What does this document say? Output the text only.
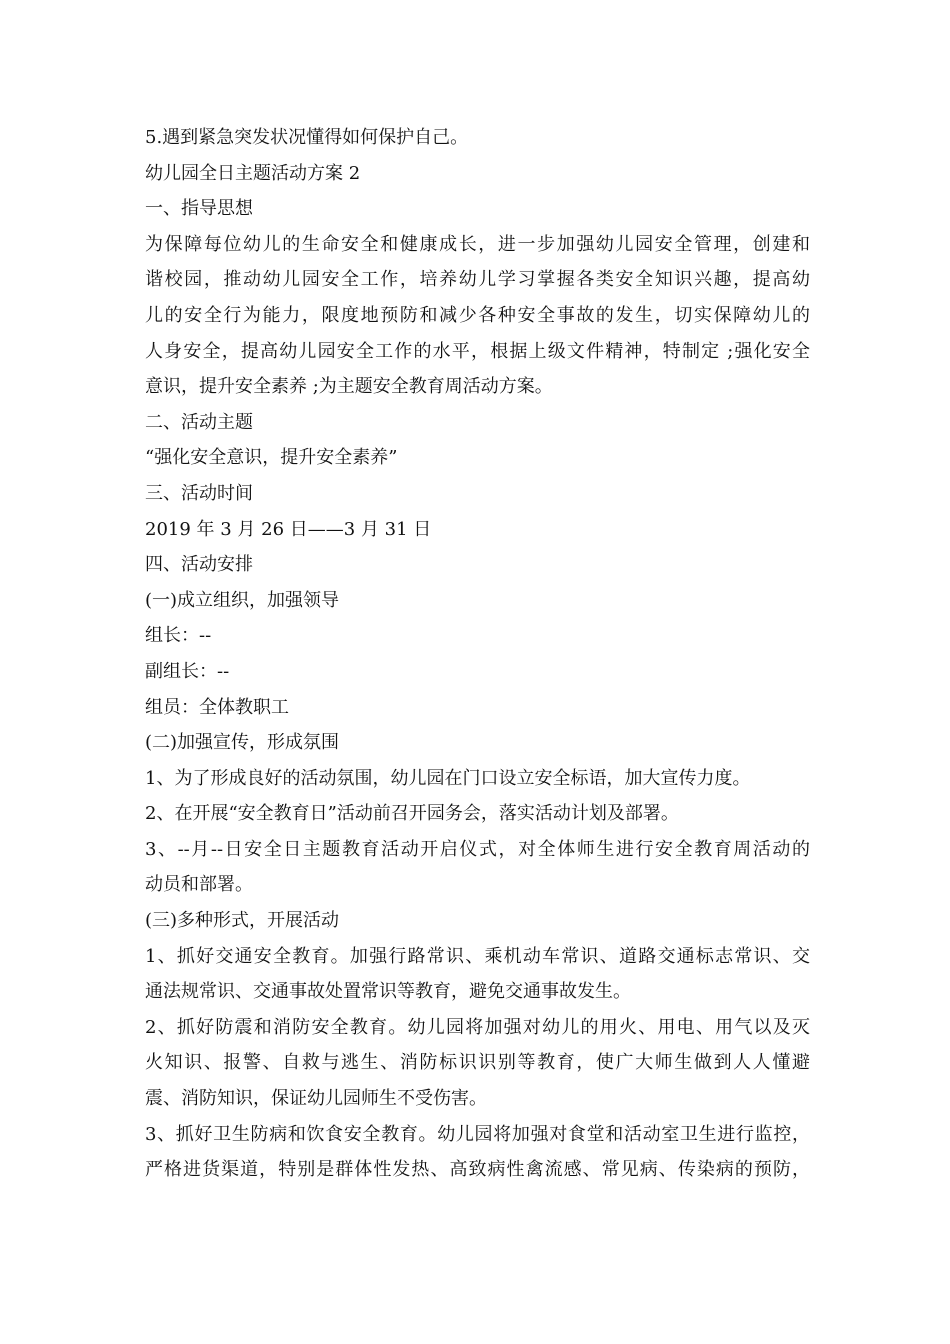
5.遇到紧急突发状况懂得如何保护自己。

幼儿园全日主题活动方案 2

一、指导思想

为保障每位幼儿的生命安全和健康成长，进一步加强幼儿园安全管理，创建和

谐校园，推动幼儿园安全工作，培养幼儿学习掌握各类安全知识兴趣，提高幼

儿的安全行为能力，限度地预防和减少各种安全事故的发生，切实保障幼儿的

人身安全，提高幼儿园安全工作的水平，根据上级文件精神，特制定 ;强化安全

意识，提升安全素养 ;为主题安全教育周活动方案。

二、活动主题

“强化安全意识，提升安全素养”

三、活动时间

2019 年 3 月 26 日——3 月 31 日

四、活动安排

(一)成立组织，加强领导

组长：--

副组长：--

组员：全体教职工

(二)加强宣传，形成氛围

1、为了形成良好的活动氛围，幼儿园在门口设立安全标语，加大宣传力度。

2、在开展“安全教育日”活动前召开园务会，落实活动计划及部署。

3、--月--日安全日主题教育活动开启仪式，对全体师生进行安全教育周活动的

动员和部署。

(三)多种形式，开展活动

1、抓好交通安全教育。加强行路常识、乘机动车常识、道路交通标志常识、交

通法规常识、交通事故处置常识等教育，避免交通事故发生。

2、抓好防震和消防安全教育。幼儿园将加强对幼儿的用火、用电、用气以及灭

火知识、报警、自救与逃生、消防标识识别等教育，使广大师生做到人人懂避

震、消防知识，保证幼儿园师生不受伤害。

3、抓好卫生防病和饮食安全教育。幼儿园将加强对食堂和活动室卫生进行监控，

严格进货渠道，特别是群体性发热、高致病性禽流感、常见病、传染病的预防，
